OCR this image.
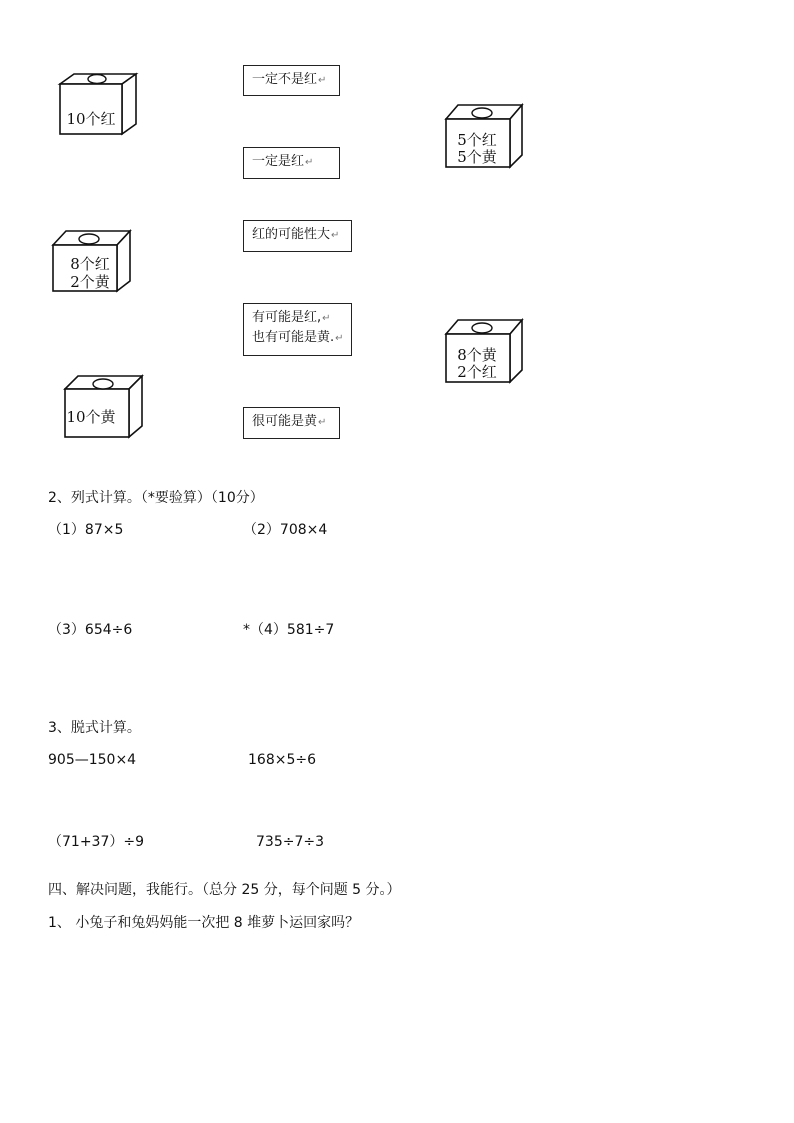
10个红
8个红
2个黄
10个黄
5个红
5个黄
8个黄
2个红
一定不是红↵
一定是红↵
红的可能性大↵
有可能是红,↵
也有可能是黄.↵
很可能是黄↵
2、列式计算。（*要验算）（10分）
（1）87×5	（2）708×4
（3）654÷6	*（4）581÷7
3、脱式计算。
905—150×4	168×5÷6
（71+37）÷9	735÷7÷3
四、解决问题，我能行。（总分 25 分，每个问题 5 分。）
1、 小兔子和兔妈妈能一次把 8 堆萝卜运回家吗？
